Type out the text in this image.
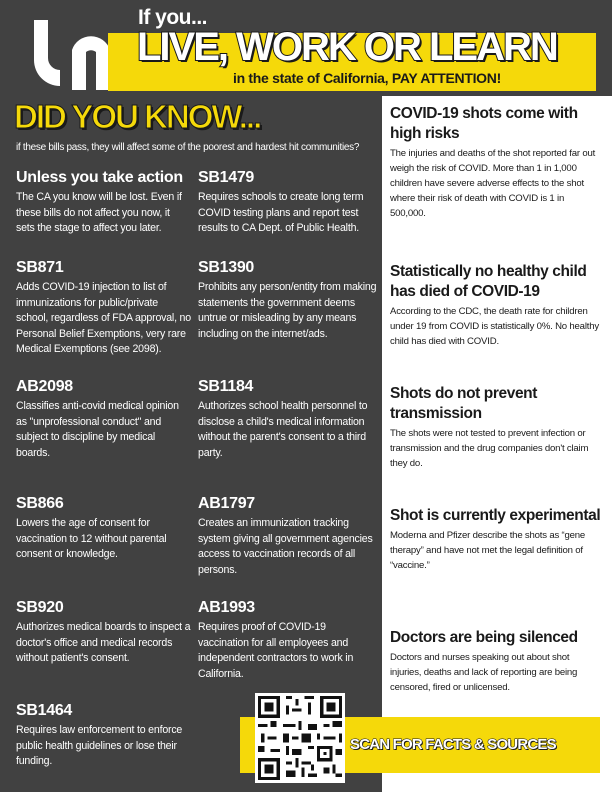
If you...
LIVE, WORK OR LEARN
in the state of California, PAY ATTENTION!
DID YOU KNOW...
if these bills pass, they will affect some of the poorest and hardest hit communities?
Unless you take action
The CA you know will be lost. Even if these bills do not affect you now, it sets the stage to affect you later.
SB871
Adds COVID-19 injection to list of immunizations for public/private school, regardless of FDA approval, no Personal Belief Exemptions, very rare Medical Exemptions (see 2098).
AB2098
Classifies anti-covid medical opinion as "unprofessional conduct" and subject to discipline by medical boards.
SB866
Lowers the age of consent for vaccination to 12 without parental consent or knowledge.
SB920
Authorizes medical boards to inspect a doctor's office and medical records without patient's consent.
SB1464
Requires law enforcement to enforce public health guidelines or lose their funding.
SB1479
Requires schools to create long term COVID testing plans and report test results to CA Dept. of Public Health.
SB1390
Prohibits any person/entity from making statements the government deems untrue or misleading by any means including on the internet/ads.
SB1184
Authorizes school health personnel to disclose a child's medical information without the parent's consent to a third party.
AB1797
Creates an immunization tracking system giving all government agencies access to vaccination records of all persons.
AB1993
Requires proof of COVID-19 vaccination for all employees and independent contractors to work in California.
COVID-19 shots come with high risks
The injuries and deaths of the shot reported far out weigh the risk of COVID. More than 1 in 1,000 children have severe adverse effects to the shot where their risk of death with COVID is 1 in 500,000.
Statistically no healthy child has died of COVID-19
According to the CDC, the death rate for children under 19 from COVID is statistically 0%. No healthy child has died with COVID.
Shots do not prevent transmission
The shots were not tested to prevent infection or transmission and the drug companies don't claim they do.
Shot is currently experimental
Moderna and Pfizer describe the shots as “gene therapy” and have not met the legal definition of “vaccine.”
Doctors are being silenced
Doctors and nurses speaking out about shot injuries, deaths and lack of reporting are being censored, fired or unlicensed.
SCAN FOR FACTS & SOURCES
